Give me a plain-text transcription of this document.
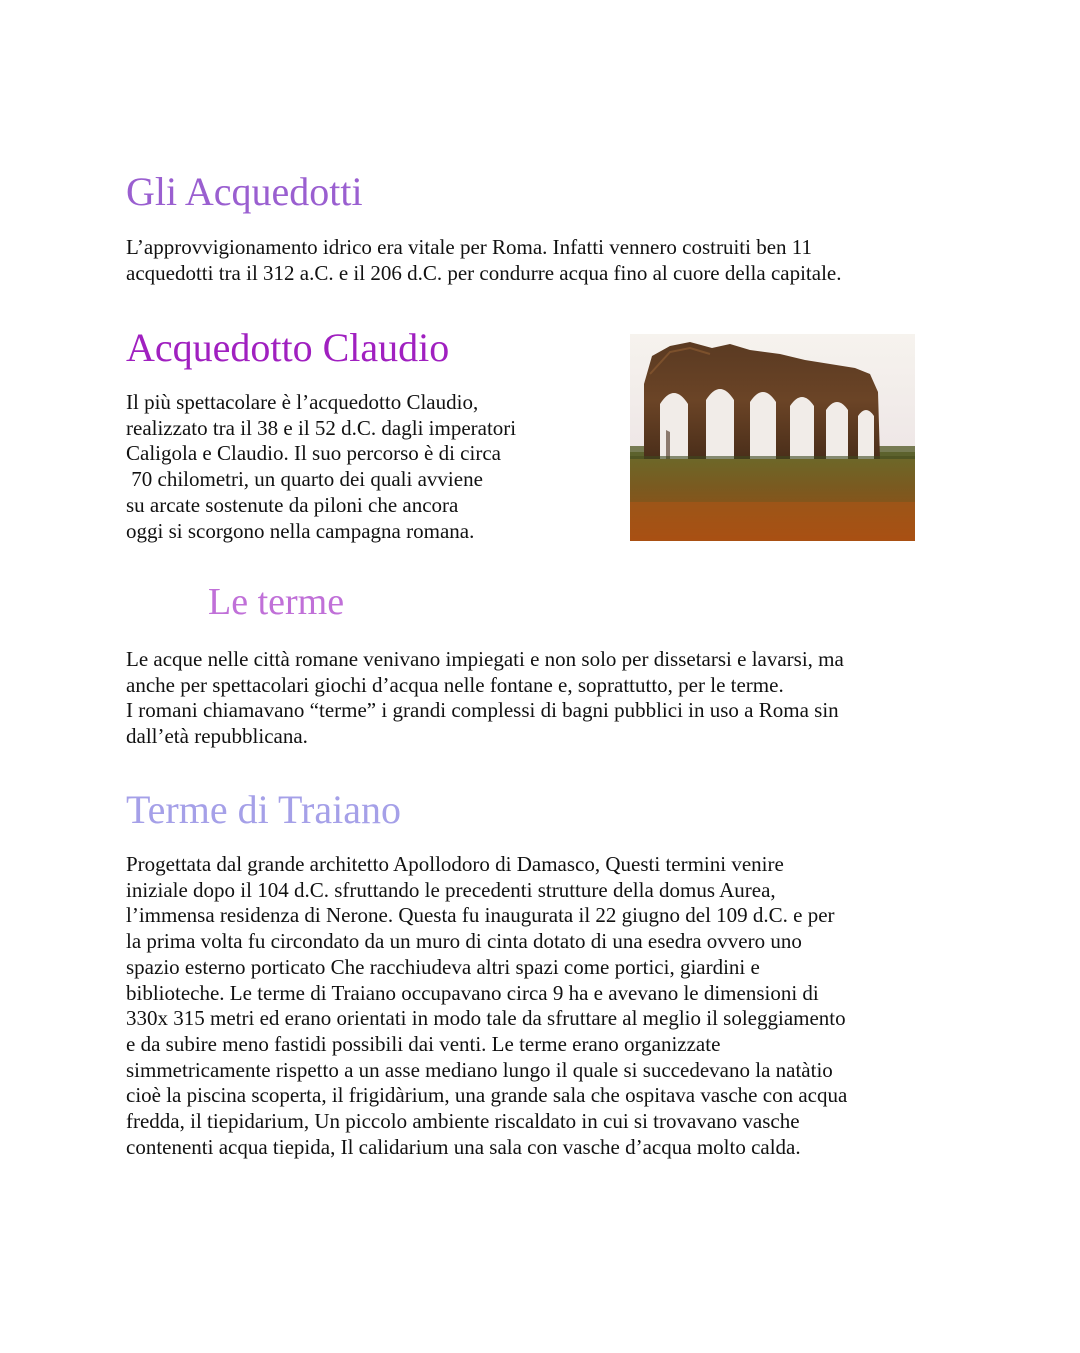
Gli Acquedotti

L’approvvigionamento idrico era vitale per Roma. Infatti vennero costruiti ben 11
acquedotti tra il 312 a.C. e il 206 d.C. per condurre acqua fino al cuore della capitale.

Acquedotto Claudio

Il più spettacolare è l’acquedotto Claudio,
realizzato tra il 38 e il 52 d.C. dagli imperatori
Caligola e Claudio. Il suo percorso è di circa
70 chilometri, un quarto dei quali avviene
su arcate sostenute da piloni che ancora
oggi si scorgono nella campagna romana.

Le terme

Le acque nelle città romane venivano impiegati e non solo per dissetarsi e lavarsi, ma
anche per spettacolari giochi d’acqua nelle fontane e, soprattutto, per le terme.
I romani chiamavano “terme” i grandi complessi di bagni pubblici in uso a Roma sin
dall’età repubblicana.

Terme di Traiano

Progettata dal grande architetto Apollodoro di Damasco, Questi termini venire
iniziale dopo il 104 d.C. sfruttando le precedenti strutture della domus Aurea,
l’immensa residenza di Nerone. Questa fu inaugurata il 22 giugno del 109 d.C. e per
la prima volta fu circondato da un muro di cinta dotato di una esedra ovvero uno
spazio esterno porticato Che racchiudeva altri spazi come portici, giardini e
biblioteche. Le terme di Traiano occupavano circa 9 ha e avevano le dimensioni di
330x 315 metri ed erano orientati in modo tale da sfruttare al meglio il soleggiamento
e da subire meno fastidi possibili dai venti. Le terme erano organizzate
simmetricamente rispetto a un asse mediano lungo il quale si succedevano la natàtio
cioè la piscina scoperta, il frigidàrium, una grande sala che ospitava vasche con acqua
fredda, il tiepidarium, Un piccolo ambiente riscaldato in cui si trovavano vasche
contenenti acqua tiepida, Il calidarium una sala con vasche d’acqua molto calda.
